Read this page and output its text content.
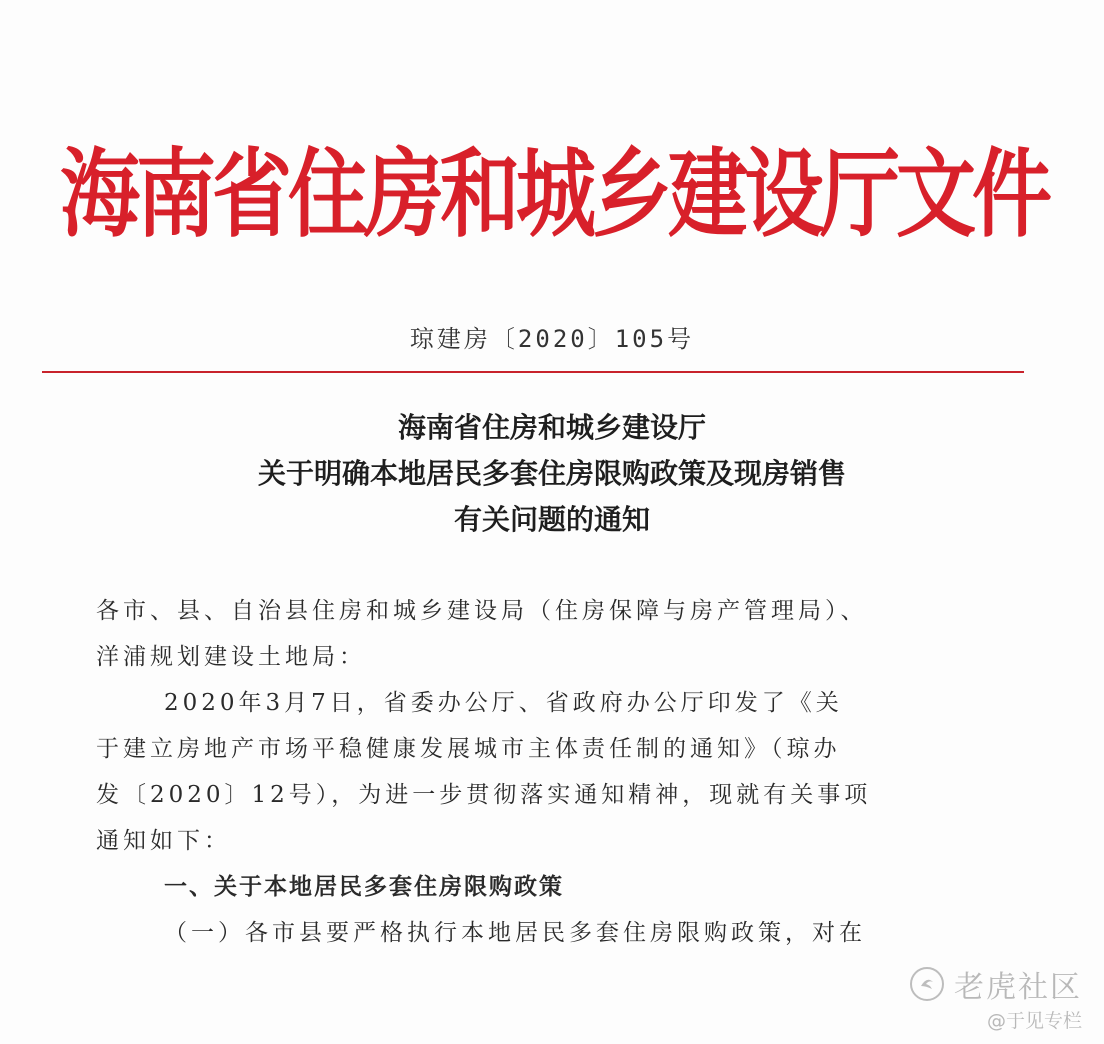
海南省住房和城乡建设厅文件
琼建房〔2020〕105号
海南省住房和城乡建设厅
关于明确本地居民多套住房限购政策及现房销售
有关问题的通知
各市、县、自治县住房和城乡建设局（住房保障与房产管理局）、
洋浦规划建设土地局：
2020年3月7日，省委办公厅、省政府办公厅印发了《关
于建立房地产市场平稳健康发展城市主体责任制的通知》（琼办
发〔2020〕12号），为进一步贯彻落实通知精神，现就有关事项
通知如下：
一、关于本地居民多套住房限购政策
（一）各市县要严格执行本地居民多套住房限购政策，对在
老虎社区
@于见专栏
